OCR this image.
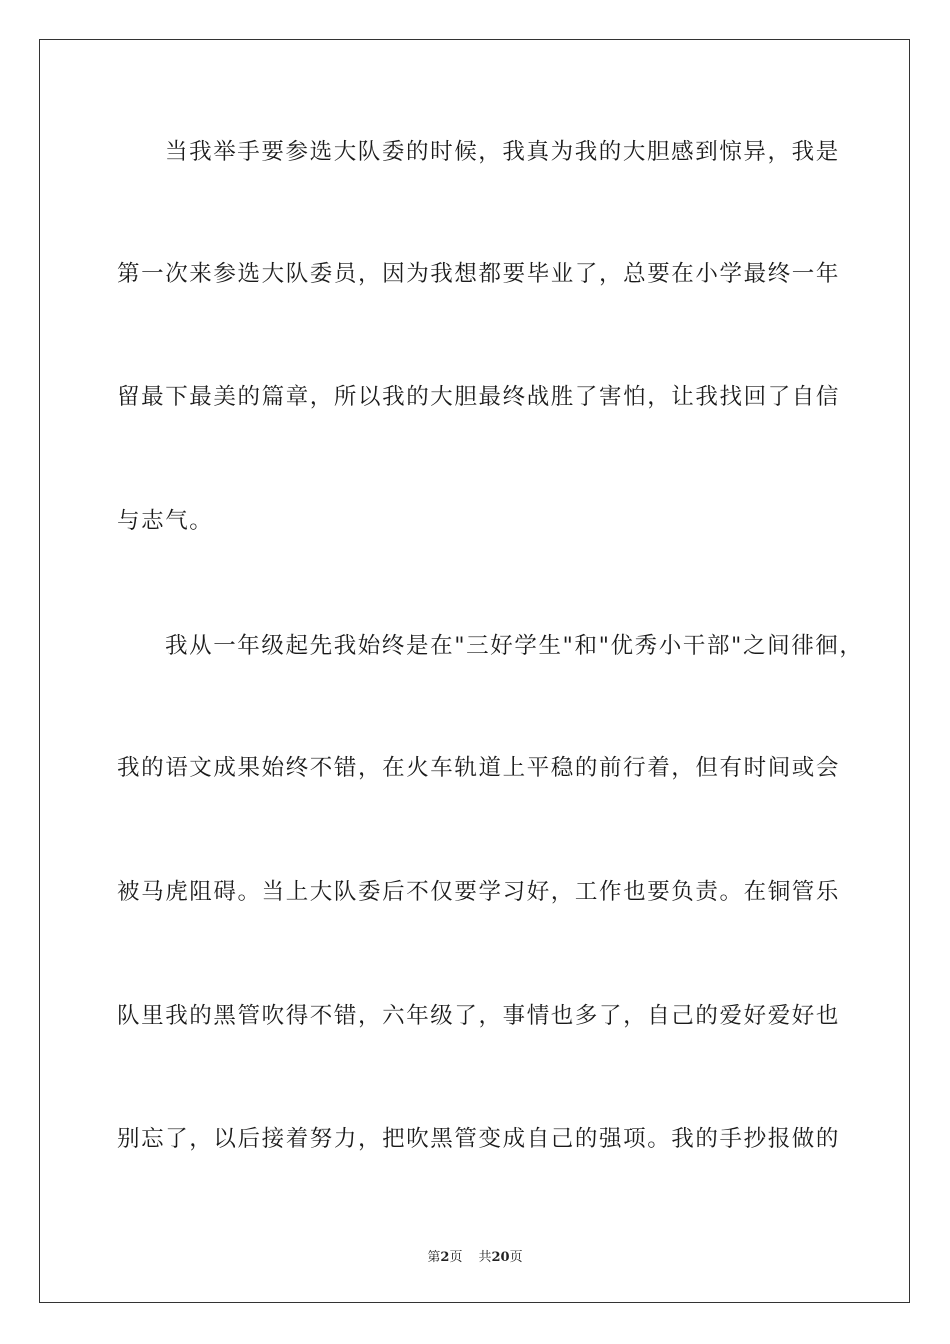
当我举手要参选大队委的时候，我真为我的大胆感到惊异，我是
第一次来参选大队委员，因为我想都要毕业了，总要在小学最终一年
留最下最美的篇章，所以我的大胆最终战胜了害怕，让我找回了自信
与志气。
我从一年级起先我始终是在"三好学生"和"优秀小干部"之间徘徊，
我的语文成果始终不错，在火车轨道上平稳的前行着，但有时间或会
被马虎阻碍。当上大队委后不仅要学习好，工作也要负责。在铜管乐
队里我的黑管吹得不错，六年级了，事情也多了，自己的爱好爱好也
别忘了，以后接着努力，把吹黑管变成自己的强项。我的手抄报做的
第2页 共20页
